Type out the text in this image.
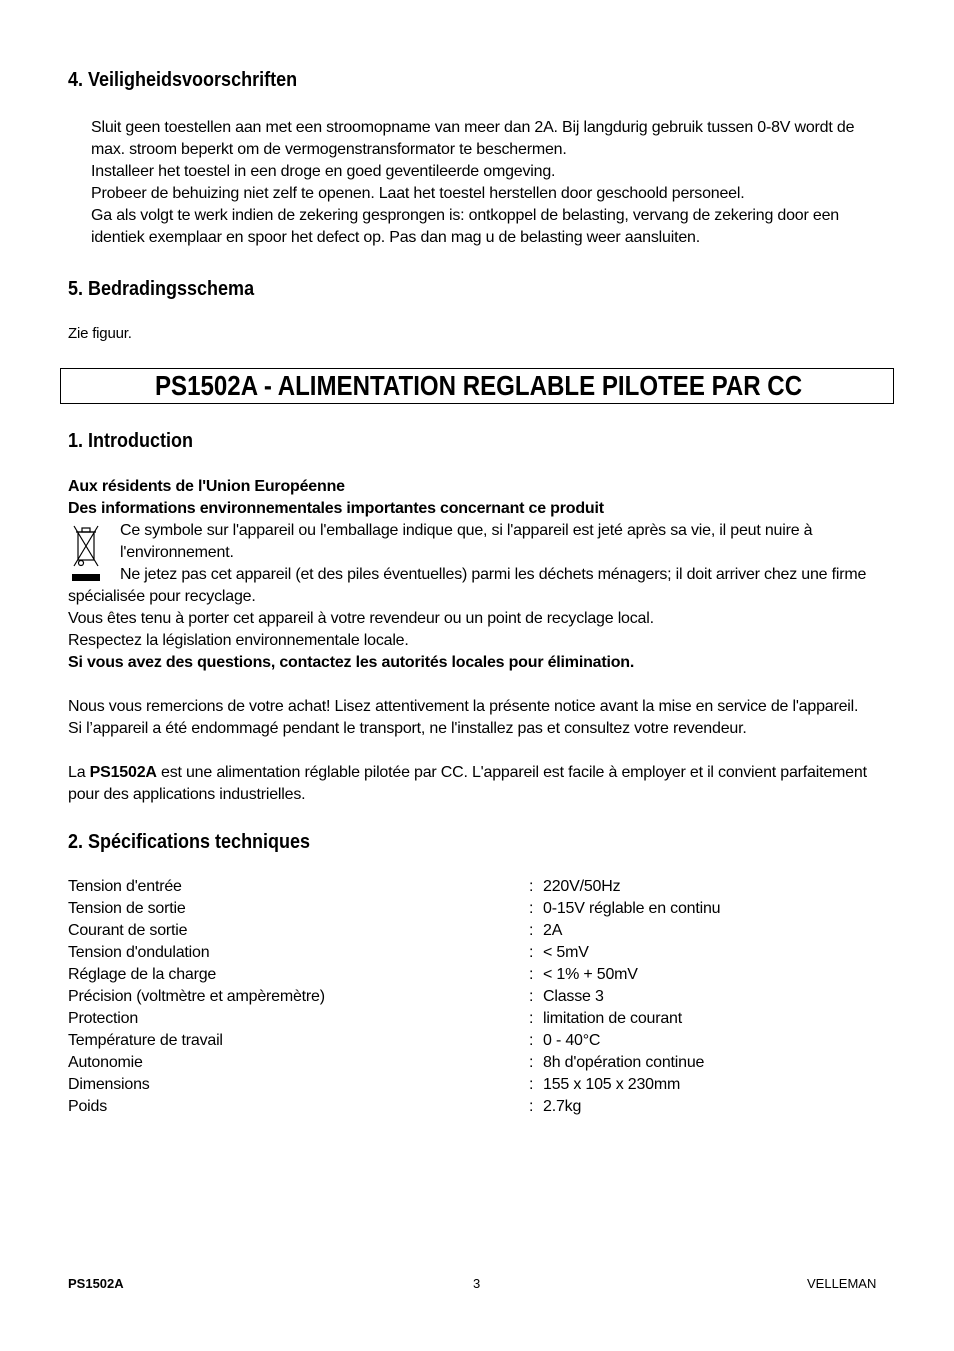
4. Veiligheidsvoorschriften
Sluit geen toestellen aan met een stroomopname van meer dan 2A. Bij langdurig gebruik tussen 0-8V wordt de
max. stroom beperkt om de vermogenstransformator te beschermen.
Installeer het toestel in een droge en goed geventileerde omgeving.
Probeer de behuizing niet zelf te openen. Laat het toestel herstellen door geschoold personeel.
Ga als volgt te werk indien de zekering gesprongen is: ontkoppel de belasting, vervang de zekering door een
identiek exemplaar en spoor het defect op. Pas dan mag u de belasting weer aansluiten.
5. Bedradingsschema
Zie figuur.
PS1502A - ALIMENTATION REGLABLE PILOTEE PAR CC
1. Introduction
Aux résidents de l'Union Européenne
Des informations environnementales importantes concernant ce produit
Ce symbole sur l'appareil ou l'emballage indique que, si l'appareil est jeté après sa vie, il peut nuire à
l'environnement.
Ne jetez pas cet appareil (et des piles éventuelles) parmi les déchets ménagers; il doit arriver chez une firme
spécialisée pour recyclage.
Vous êtes tenu à porter cet appareil à votre revendeur ou un point de recyclage local.
Respectez la législation environnementale locale.
Si vous avez des questions, contactez les autorités locales pour élimination.
Nous vous remercions de votre achat! Lisez attentivement la présente notice avant la mise en service de l'appareil.
Si l’appareil a été endommagé pendant le transport, ne l'installez pas et consultez votre revendeur.
La PS1502A est une alimentation réglable pilotée par CC. L'appareil est facile à employer et il convient parfaitement
pour des applications industrielles.
2. Spécifications techniques
Tension d'entrée	: 220V/50Hz
Tension de sortie	: 0-15V réglable en continu
Courant de sortie	: 2A
Tension d'ondulation	: < 5mV
Réglage de la charge	: < 1% + 50mV
Précision (voltmètre et ampèremètre)	: Classe 3
Protection	: limitation de courant
Température de travail	: 0 - 40°C
Autonomie	: 8h d'opération continue
Dimensions	: 155 x 105 x 230mm
Poids	: 2.7kg
PS1502A	3	VELLEMAN
